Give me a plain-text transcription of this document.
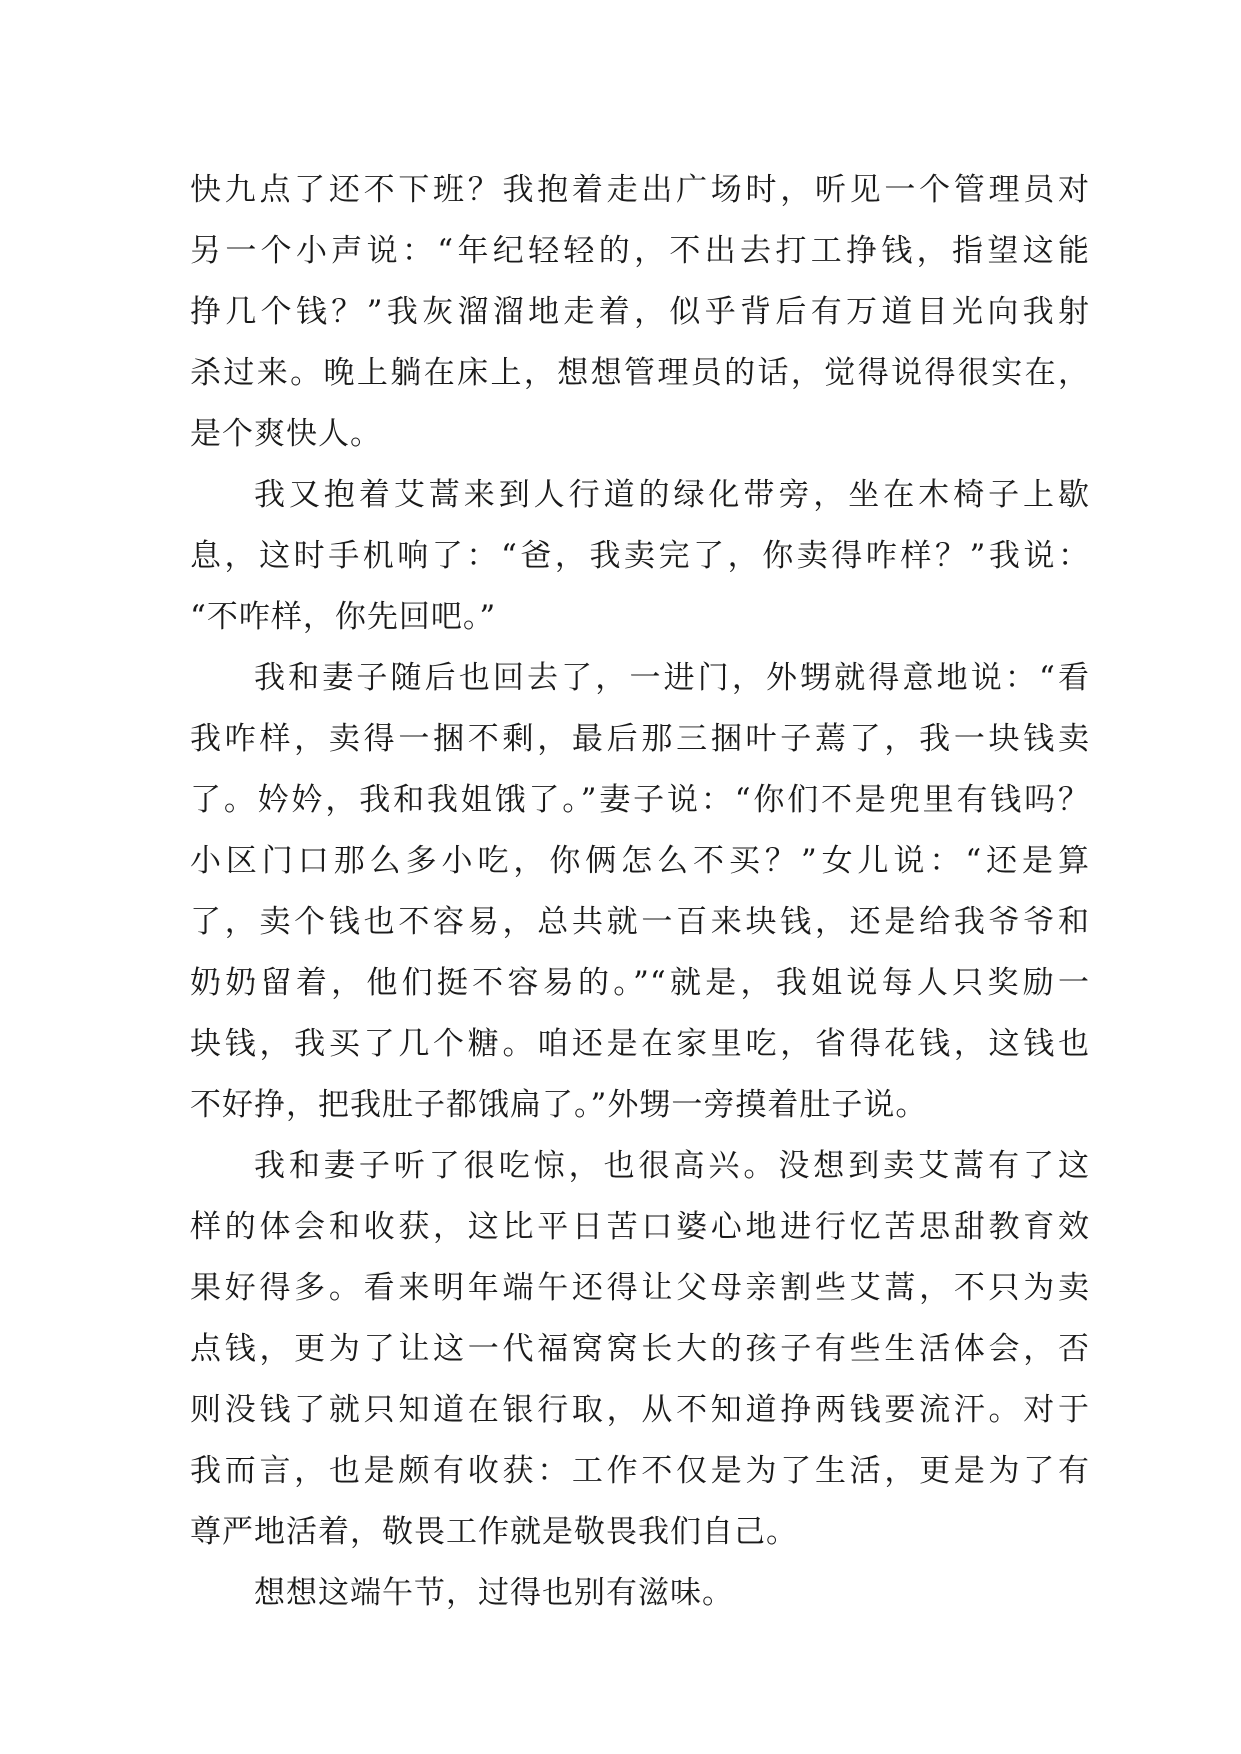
快九点了还不下班？我抱着走出广场时，听见一个管理员对
另一个小声说：“年纪轻轻的，不出去打工挣钱，指望这能
挣几个钱？”我灰溜溜地走着，似乎背后有万道目光向我射
杀过来。晚上躺在床上，想想管理员的话，觉得说得很实在，
是个爽快人。
我又抱着艾蒿来到人行道的绿化带旁，坐在木椅子上歇
息，这时手机响了：“爸，我卖完了，你卖得咋样？”我说：
“不咋样，你先回吧。”
我和妻子随后也回去了，一进门，外甥就得意地说：“看
我咋样，卖得一捆不剩，最后那三捆叶子蔫了，我一块钱卖
了。妗妗，我和我姐饿了。”妻子说：“你们不是兜里有钱吗？
小区门口那么多小吃，你俩怎么不买？”女儿说：“还是算
了，卖个钱也不容易，总共就一百来块钱，还是给我爷爷和
奶奶留着，他们挺不容易的。”“就是，我姐说每人只奖励一
块钱，我买了几个糖。咱还是在家里吃，省得花钱，这钱也
不好挣，把我肚子都饿扁了。”外甥一旁摸着肚子说。
我和妻子听了很吃惊，也很高兴。没想到卖艾蒿有了这
样的体会和收获，这比平日苦口婆心地进行忆苦思甜教育效
果好得多。看来明年端午还得让父母亲割些艾蒿，不只为卖
点钱，更为了让这一代福窝窝长大的孩子有些生活体会，否
则没钱了就只知道在银行取，从不知道挣两钱要流汗。对于
我而言，也是颇有收获：工作不仅是为了生活，更是为了有
尊严地活着，敬畏工作就是敬畏我们自己。
想想这端午节，过得也别有滋味。
